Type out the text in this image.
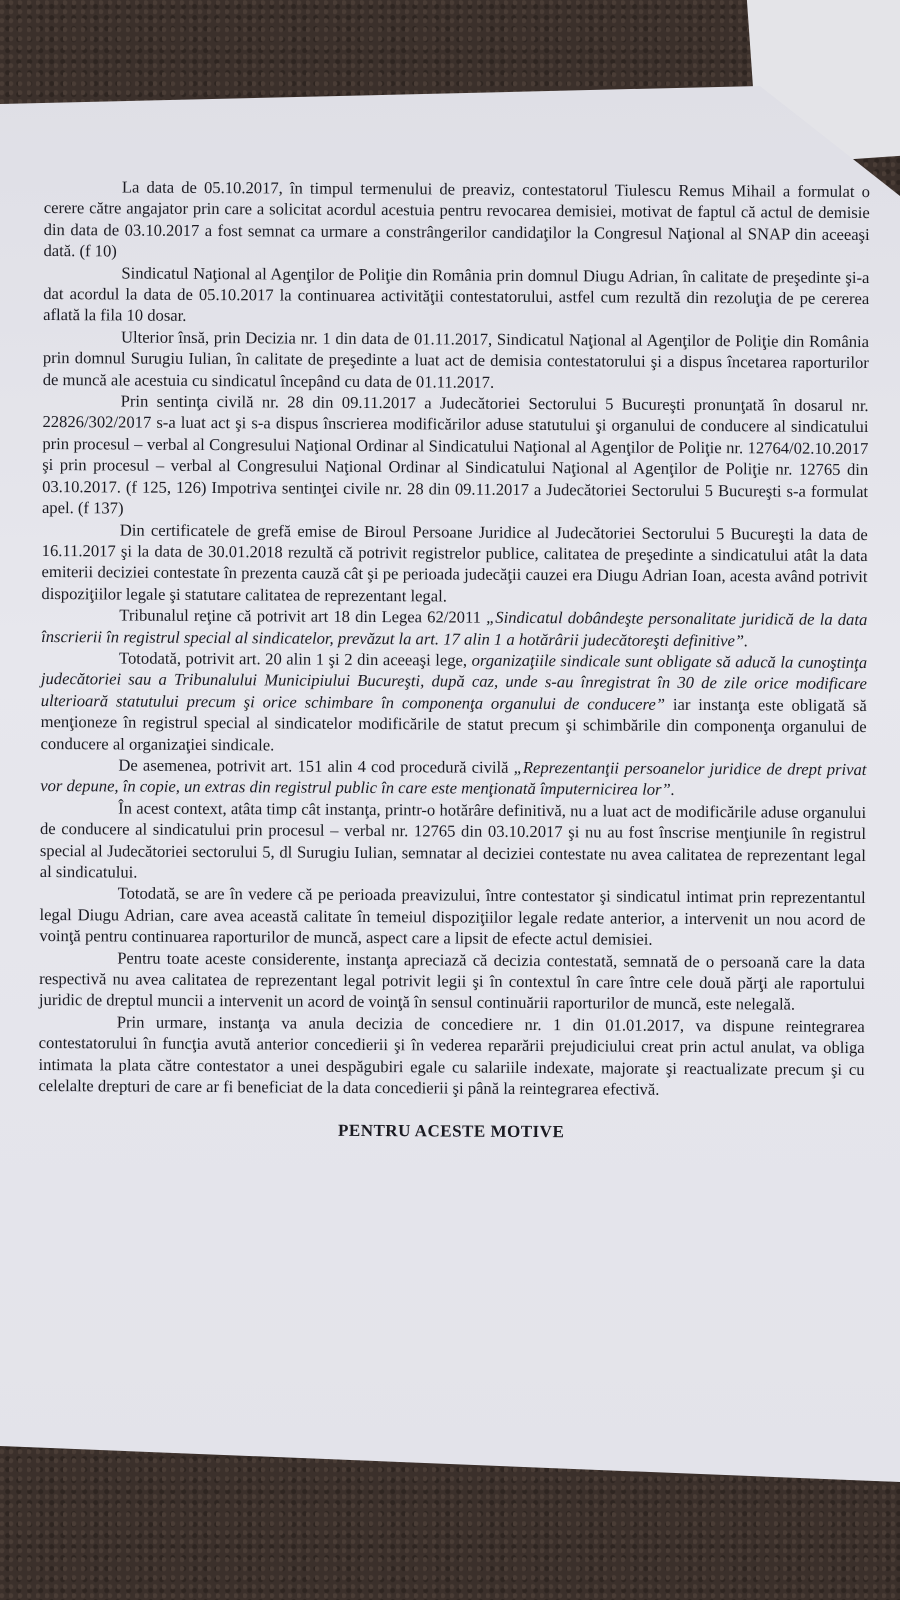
La data de 05.10.2017, în timpul termenului de preaviz, contestatorul Tiulescu Remus Mihail a formulat o cerere către angajator prin care a solicitat acordul acestuia pentru revocarea demisiei, motivat de faptul că actul de demisie din data de 03.10.2017 a fost semnat ca urmare a constrângerilor candidaţilor la Congresul Naţional al SNAP din aceeaşi dată. (f 10)

Sindicatul Naţional al Agenţilor de Poliţie din România prin domnul Diugu Adrian, în calitate de preşedinte şi-a dat acordul la data de 05.10.2017 la continuarea activităţii contestatorului, astfel cum rezultă din rezoluţia de pe cererea aflată la fila 10 dosar.

Ulterior însă, prin Decizia nr. 1 din data de 01.11.2017, Sindicatul Naţional al Agenţilor de Poliţie din România prin domnul Surugiu Iulian, în calitate de preşedinte a luat act de demisia contestatorului şi a dispus încetarea raporturilor de muncă ale acestuia cu sindicatul începând cu data de 01.11.2017.

Prin sentinţa civilă nr. 28 din 09.11.2017 a Judecătoriei Sectorului 5 Bucureşti pronunţată în dosarul nr. 22826/302/2017 s-a luat act şi s-a dispus înscrierea modificărilor aduse statutului şi organului de conducere al sindicatului prin procesul – verbal al Congresului Naţional Ordinar al Sindicatului Naţional al Agenţilor de Poliţie nr. 12764/02.10.2017 şi prin procesul – verbal al Congresului Naţional Ordinar al Sindicatului Naţional al Agenţilor de Poliţie nr. 12765 din 03.10.2017. (f 125, 126) Impotriva sentinţei civile nr. 28 din 09.11.2017 a Judecătoriei Sectorului 5 Bucureşti s-a formulat apel. (f 137)

Din certificatele de grefă emise de Biroul Persoane Juridice al Judecătoriei Sectorului 5 Bucureşti la data de 16.11.2017 şi la data de 30.01.2018 rezultă că potrivit registrelor publice, calitatea de preşedinte a sindicatului atât la data emiterii deciziei contestate în prezenta cauză cât şi pe perioada judecăţii cauzei era Diugu Adrian Ioan, acesta având potrivit dispoziţiilor legale şi statutare calitatea de reprezentant legal.

Tribunalul reţine că potrivit art 18 din Legea 62/2011 „Sindicatul dobândeşte personalitate juridică de la data înscrierii în registrul special al sindicatelor, prevăzut la art. 17 alin 1 a hotărârii judecătoreşti definitive”.

Totodată, potrivit art. 20 alin 1 şi 2 din aceeaşi lege, organizaţiile sindicale sunt obligate să aducă la cunoştinţa judecătoriei sau a Tribunalului Municipiului Bucureşti, după caz, unde s-au înregistrat în 30 de zile orice modificare ulterioară statutului precum şi orice schimbare în componenţa organului de conducere” iar instanţa este obligată să menţioneze în registrul special al sindicatelor modificările de statut precum şi schimbările din componenţa organului de conducere al organizaţiei sindicale.

De asemenea, potrivit art. 151 alin 4 cod procedură civilă „Reprezentanţii persoanelor juridice de drept privat vor depune, în copie, un extras din registrul public în care este menţionată împuternicirea lor”.

În acest context, atâta timp cât instanţa, printr-o hotărâre definitivă, nu a luat act de modificările aduse organului de conducere al sindicatului prin procesul – verbal nr. 12765 din 03.10.2017 şi nu au fost înscrise menţiunile în registrul special al Judecătoriei sectorului 5, dl Surugiu Iulian, semnatar al deciziei contestate nu avea calitatea de reprezentant legal al sindicatului.

Totodată, se are în vedere că pe perioada preavizului, între contestator şi sindicatul intimat prin reprezentantul legal Diugu Adrian, care avea această calitate în temeiul dispoziţiilor legale redate anterior, a intervenit un nou acord de voinţă pentru continuarea raporturilor de muncă, aspect care a lipsit de efecte actul demisiei.

Pentru toate aceste considerente, instanţa apreciază că decizia contestată, semnată de o persoană care la data respectivă nu avea calitatea de reprezentant legal potrivit legii şi în contextul în care între cele două părţi ale raportului juridic de dreptul muncii a intervenit un acord de voinţă în sensul continuării raporturilor de muncă, este nelegală.

Prin urmare, instanţa va anula decizia de concediere nr. 1 din 01.01.2017, va dispune reintegrarea contestatorului în funcţia avută anterior concedierii şi în vederea reparării prejudiciului creat prin actul anulat, va obliga intimata la plata către contestator a unei despăgubiri egale cu salariile indexate, majorate şi reactualizate precum şi cu celelalte drepturi de care ar fi beneficiat de la data concedierii şi până la reintegrarea efectivă.

PENTRU ACESTE MOTIVE
